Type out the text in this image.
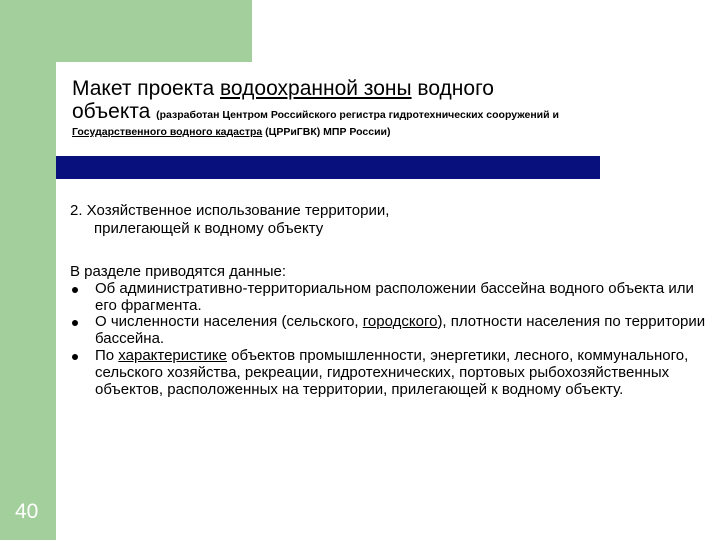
Макет проекта водоохранной зоны водного
объекта (разработан Центром Российского регистра гидротехнических сооружений и
Государственного водного кадастра (ЦРРиГВК) МПР России)
2. Хозяйственное использование территории,
прилегающей к водному объекту
В разделе приводятся данные:
Об административно-территориальном расположении бассейна водного объекта или его фрагмента.
О численности населения (сельского, городского), плотности населения по территории бассейна.
По характеристике объектов промышленности, энергетики, лесного, коммунального, сельского хозяйства, рекреации, гидротехнических, портовых рыбохозяйственных объектов, расположенных на территории, прилегающей к водному объекту.
40
